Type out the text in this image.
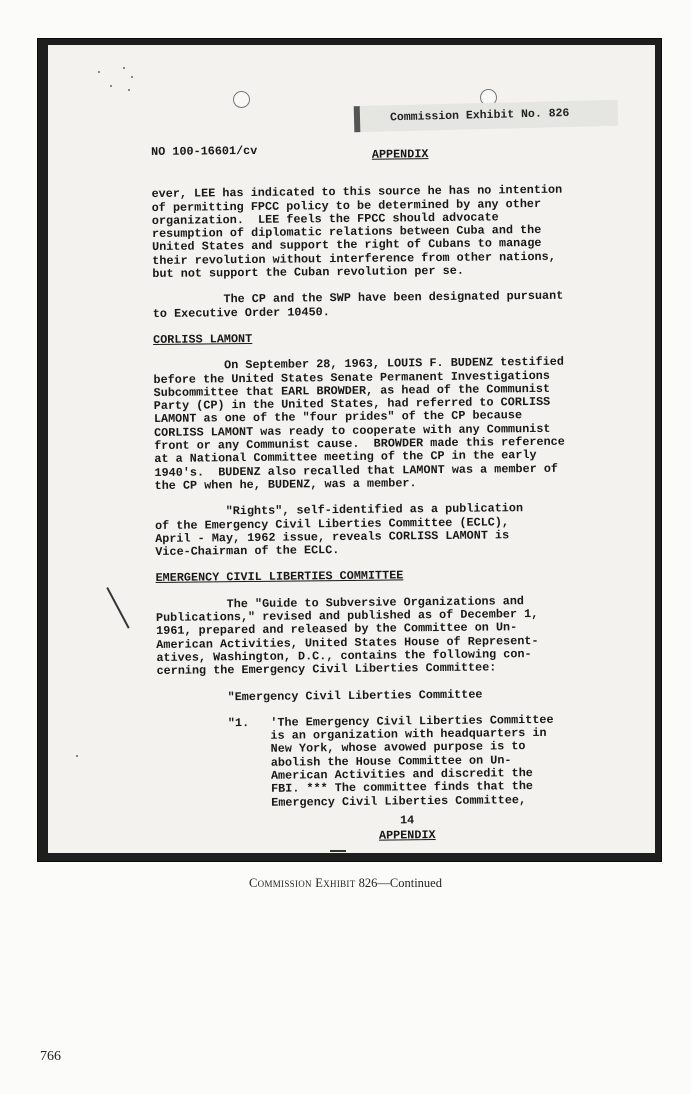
Commission Exhibit No. 826

NO 100-16601/cv	APPENDIX

ever, LEE has indicated to this source he has no intention

of permitting FPCC policy to be determined by any other

organization.  LEE feels the FPCC should advocate

resumption of diplomatic relations between Cuba and the

United States and support the right of Cubans to manage

their revolution without interference from other nations,

but not support the Cuban revolution per se.

The CP and the SWP have been designated pursuant

to Executive Order 10450.

CORLISS LAMONT

On September 28, 1963, LOUIS F. BUDENZ testified

before the United States Senate Permanent Investigations

Subcommittee that EARL BROWDER, as head of the Communist

Party (CP) in the United States, had referred to CORLISS

LAMONT as one of the "four prides" of the CP because

CORLISS LAMONT was ready to cooperate with any Communist

front or any Communist cause.  BROWDER made this reference

at a National Committee meeting of the CP in the early

1940's.  BUDENZ also recalled that LAMONT was a member of

the CP when he, BUDENZ, was a member.

"Rights", self-identified as a publication

of the Emergency Civil Liberties Committee (ECLC),

April - May, 1962 issue, reveals CORLISS LAMONT is

Vice-Chairman of the ECLC.

EMERGENCY CIVIL LIBERTIES COMMITTEE

The "Guide to Subversive Organizations and

Publications," revised and published as of December 1,

1961, prepared and released by the Committee on Un-

American Activities, United States House of Represent-

atives, Washington, D.C., contains the following con-

cerning the Emergency Civil Liberties Committee:

"Emergency Civil Liberties Committee

"1.   'The Emergency Civil Liberties Committee

is an organization with headquarters in

New York, whose avowed purpose is to

abolish the House Committee on Un-

American Activities and discredit the

FBI. *** The committee finds that the

Emergency Civil Liberties Committee,

14

APPENDIX

Commission Exhibit 826—Continued
766
